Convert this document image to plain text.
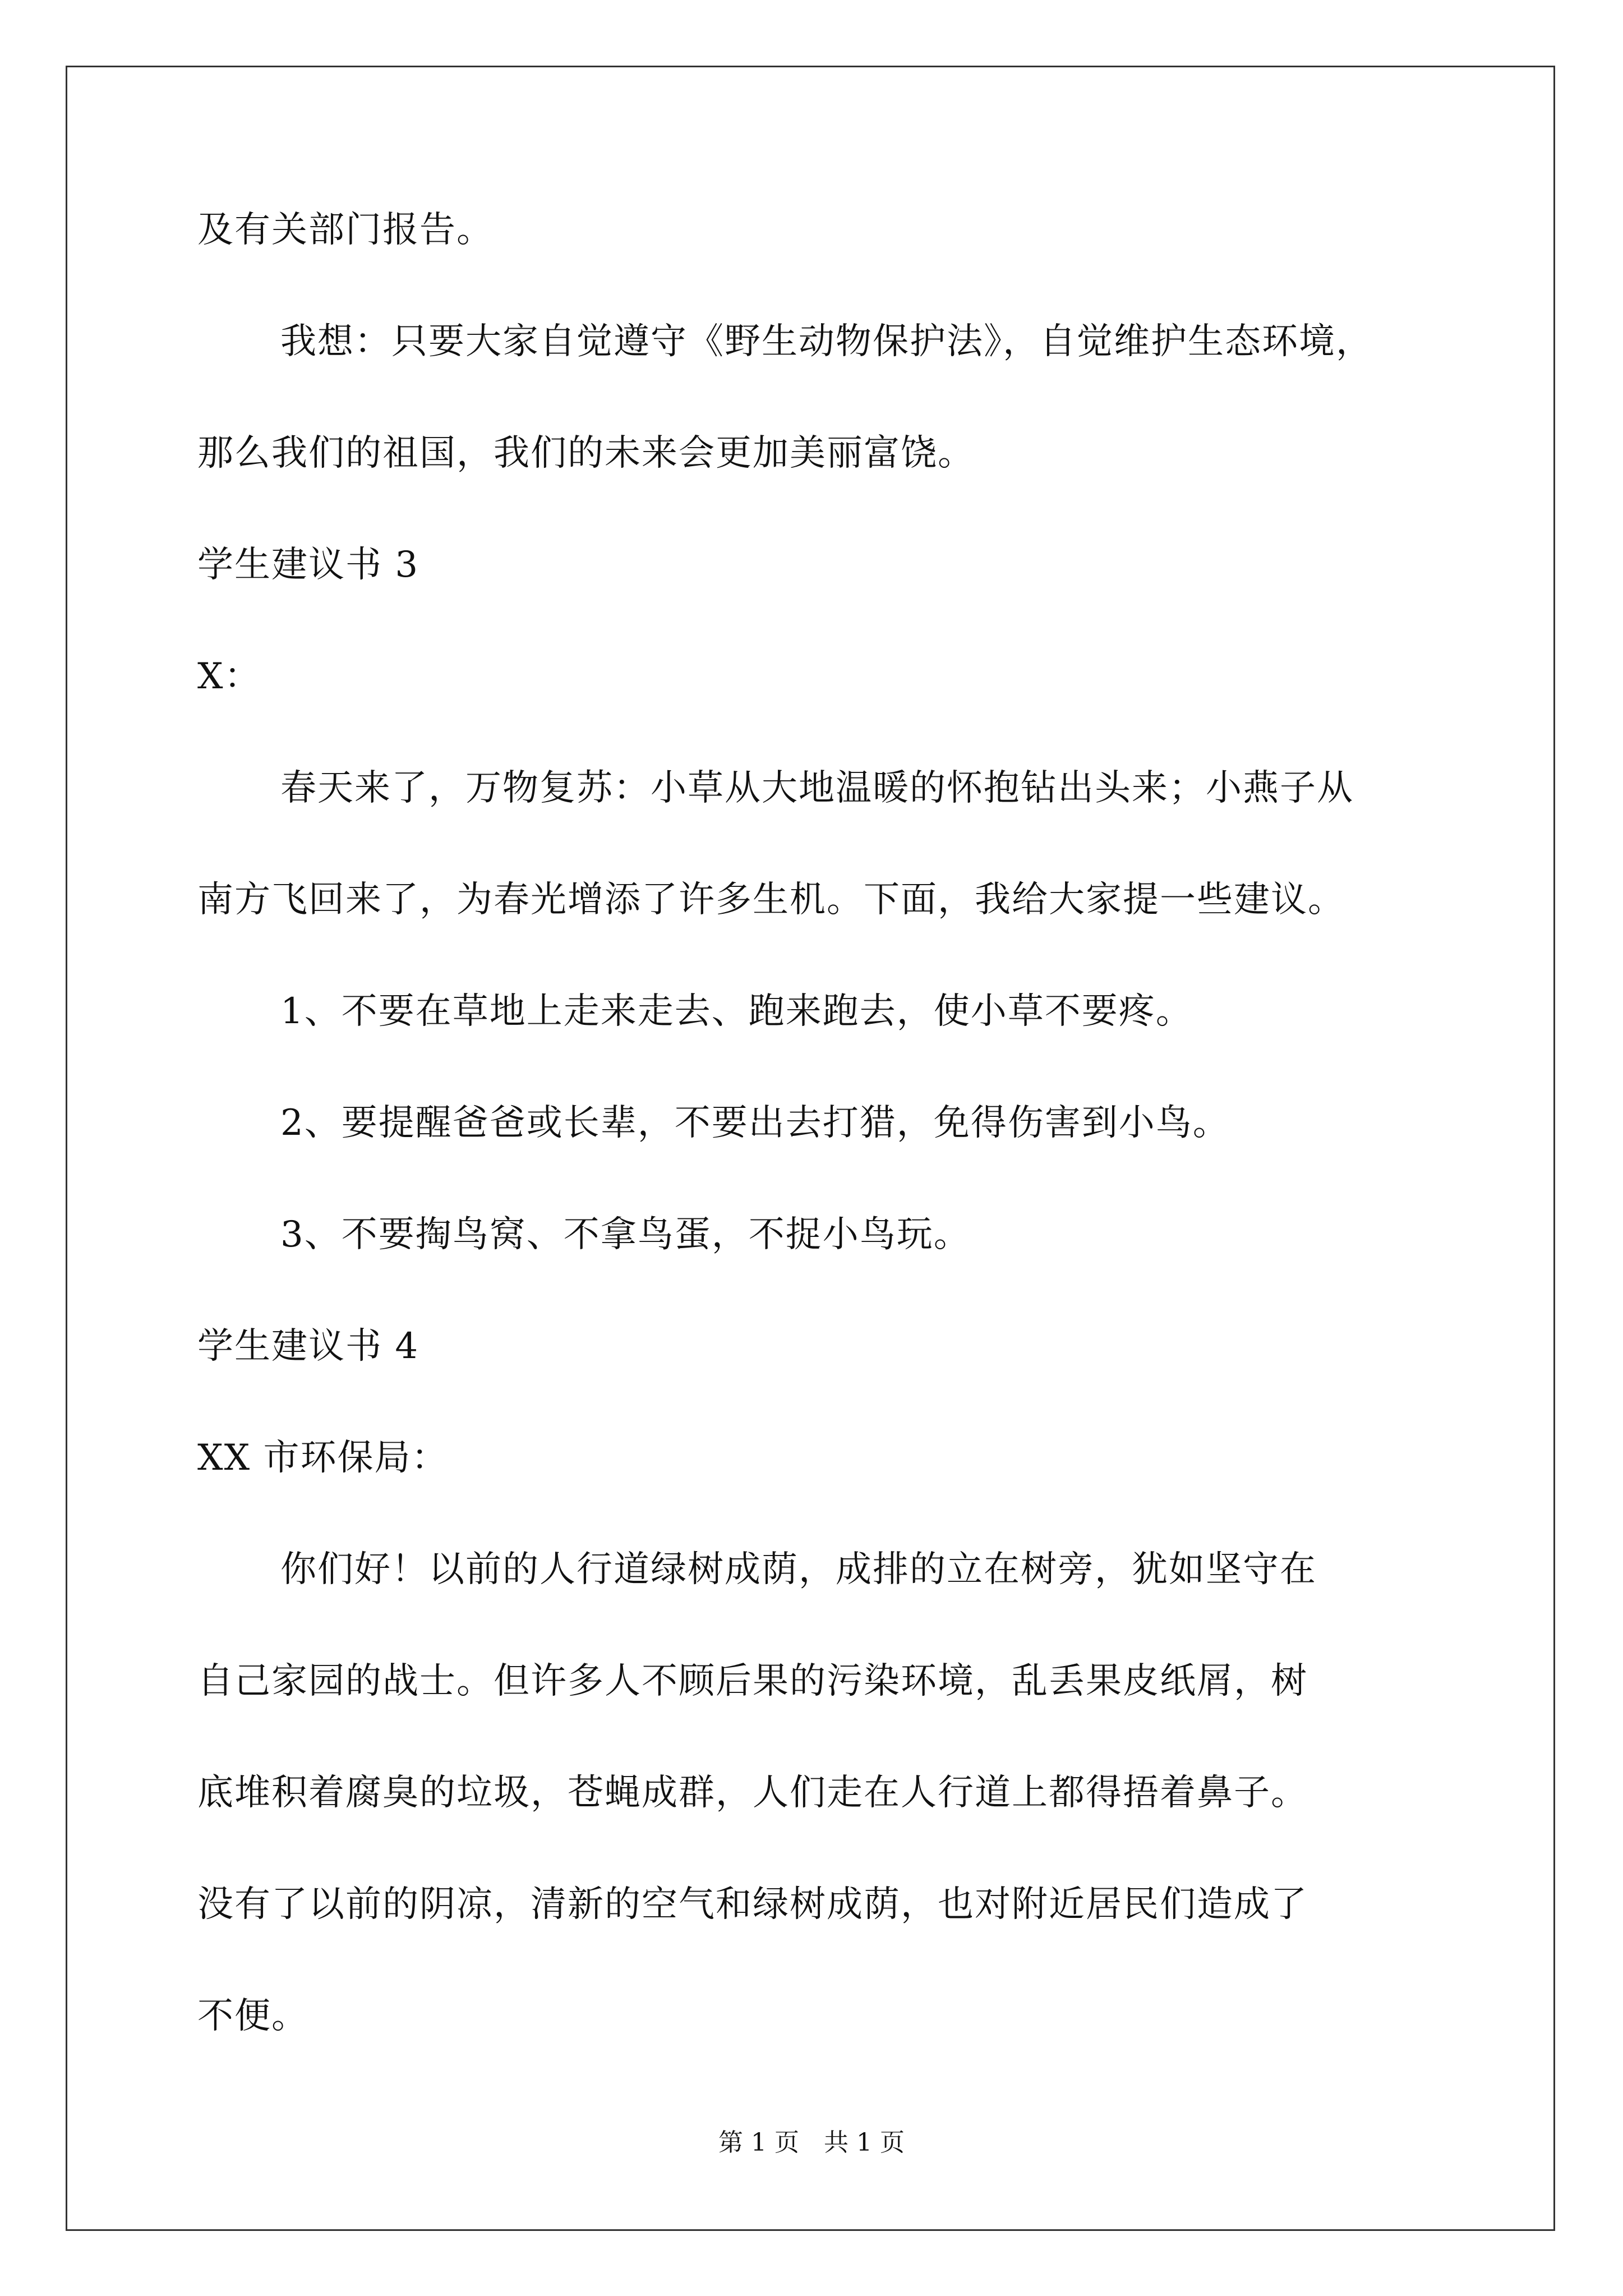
及有关部门报告。
我想：只要大家自觉遵守《野生动物保护法》，自觉维护生态环境，
那么我们的祖国，我们的未来会更加美丽富饶。
学生建议书 3
X：
春天来了，万物复苏：小草从大地温暖的怀抱钻出头来；小燕子从
南方飞回来了，为春光增添了许多生机。下面，我给大家提一些建议。
1、不要在草地上走来走去、跑来跑去，使小草不要疼。
2、要提醒爸爸或长辈，不要出去打猎，免得伤害到小鸟。
3、不要掏鸟窝、不拿鸟蛋，不捉小鸟玩。
学生建议书 4
XX 市环保局：
你们好！以前的人行道绿树成荫，成排的立在树旁，犹如坚守在
自己家园的战士。但许多人不顾后果的污染环境，乱丢果皮纸屑，树
底堆积着腐臭的垃圾，苍蝇成群，人们走在人行道上都得捂着鼻子。
没有了以前的阴凉，清新的空气和绿树成荫，也对附近居民们造成了
不便。
第 1 页　共 1 页
